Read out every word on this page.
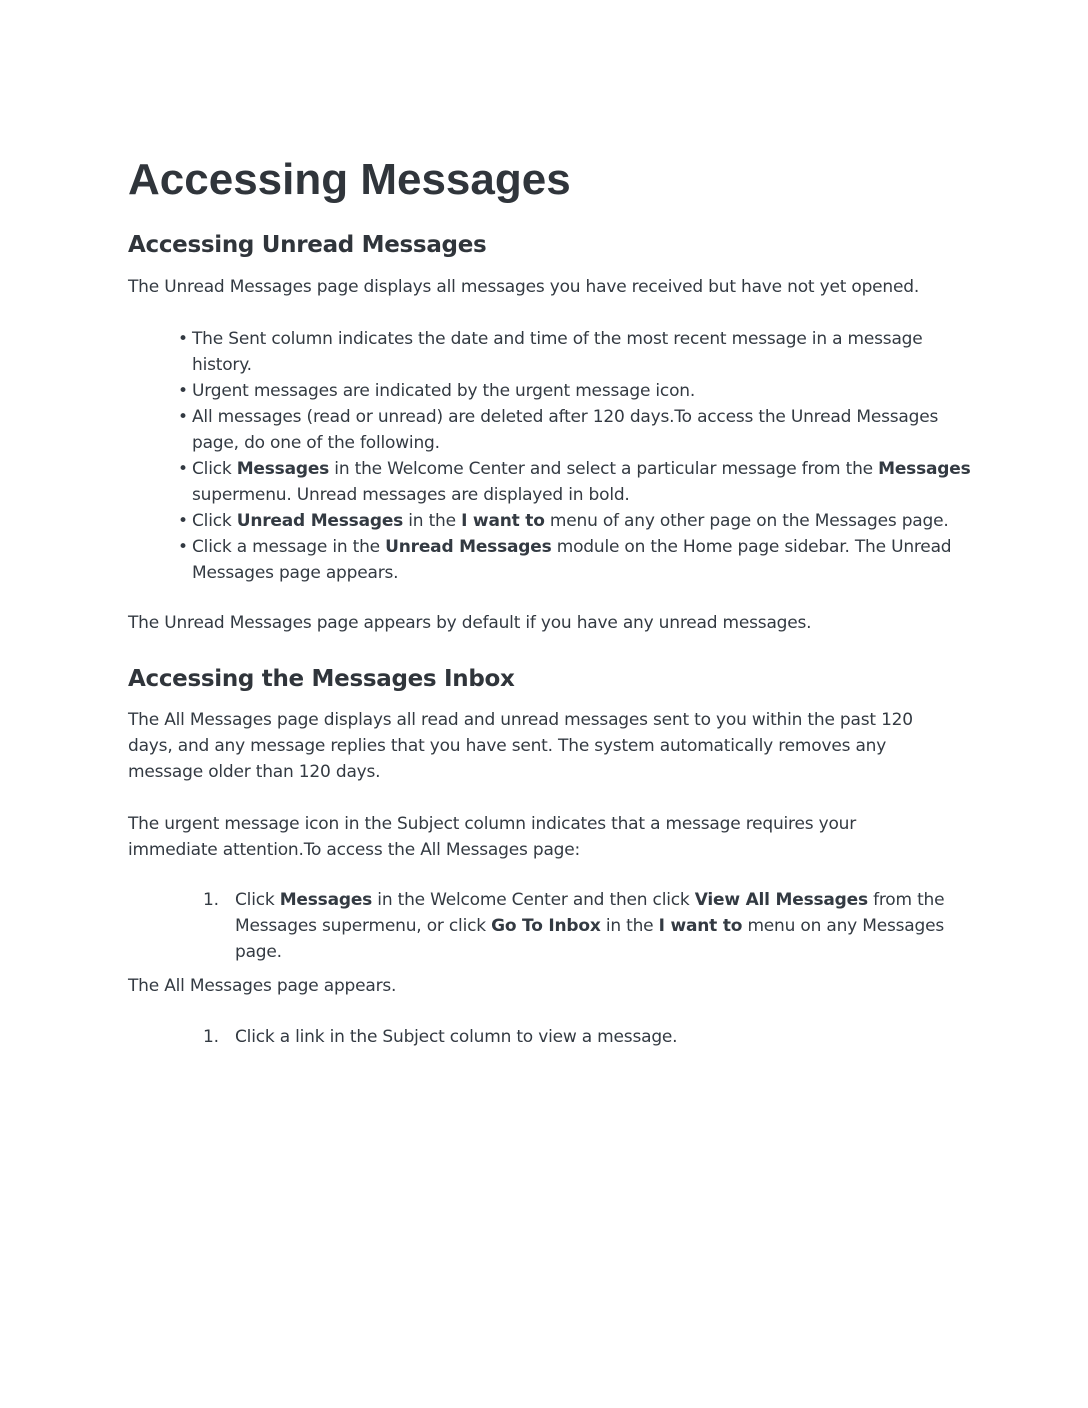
Accessing Messages
Accessing Unread Messages

The Unread Messages page displays all messages you have received but have not yet opened.

• The Sent column indicates the date and time of the most recent message in a message history.
• Urgent messages are indicated by the urgent message icon.
• All messages (read or unread) are deleted after 120 days.To access the Unread Messages page, do one of the following.
• Click Messages in the Welcome Center and select a particular message from the Messages supermenu. Unread messages are displayed in bold.
• Click Unread Messages in the I want to menu of any other page on the Messages page.
• Click a message in the Unread Messages module on the Home page sidebar. The Unread Messages page appears.

The Unread Messages page appears by default if you have any unread messages.

Accessing the Messages Inbox

The All Messages page displays all read and unread messages sent to you within the past 120 days, and any message replies that you have sent. The system automatically removes any message older than 120 days.

The urgent message icon in the Subject column indicates that a message requires your immediate attention.To access the All Messages page:

1. Click Messages in the Welcome Center and then click View All Messages from the Messages supermenu, or click Go To Inbox in the I want to menu on any Messages page.

The All Messages page appears.

1. Click a link in the Subject column to view a message.
